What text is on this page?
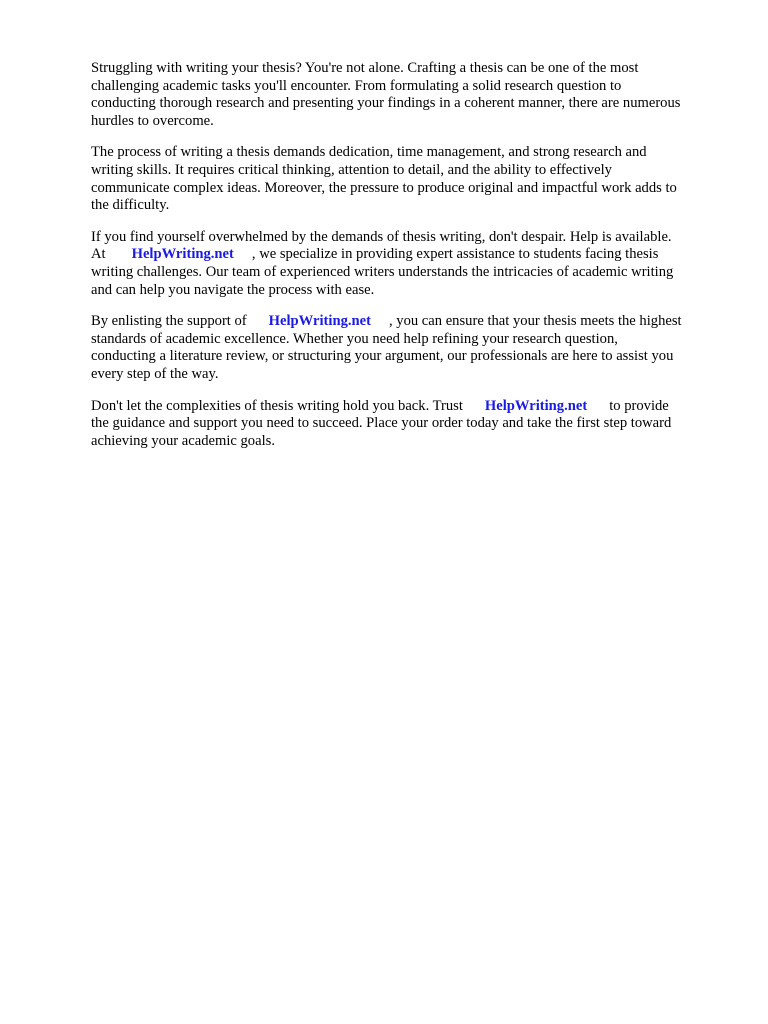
Struggling with writing your thesis? You're not alone. Crafting a thesis can be one of the most
challenging academic tasks you'll encounter. From formulating a solid research question to
conducting thorough research and presenting your findings in a coherent manner, there are numerous
hurdles to overcome.

The process of writing a thesis demands dedication, time management, and strong research and
writing skills. It requires critical thinking, attention to detail, and the ability to effectively
communicate complex ideas. Moreover, the pressure to produce original and impactful work adds to
the difficulty.

If you find yourself overwhelmed by the demands of thesis writing, don't despair. Help is available.
At HelpWriting.net , we specialize in providing expert assistance to students facing thesis
writing challenges. Our team of experienced writers understands the intricacies of academic writing
and can help you navigate the process with ease.

By enlisting the support of HelpWriting.net , you can ensure that your thesis meets the highest
standards of academic excellence. Whether you need help refining your research question,
conducting a literature review, or structuring your argument, our professionals are here to assist you
every step of the way.

Don't let the complexities of thesis writing hold you back. Trust HelpWriting.net to provide
the guidance and support you need to succeed. Place your order today and take the first step toward
achieving your academic goals.
